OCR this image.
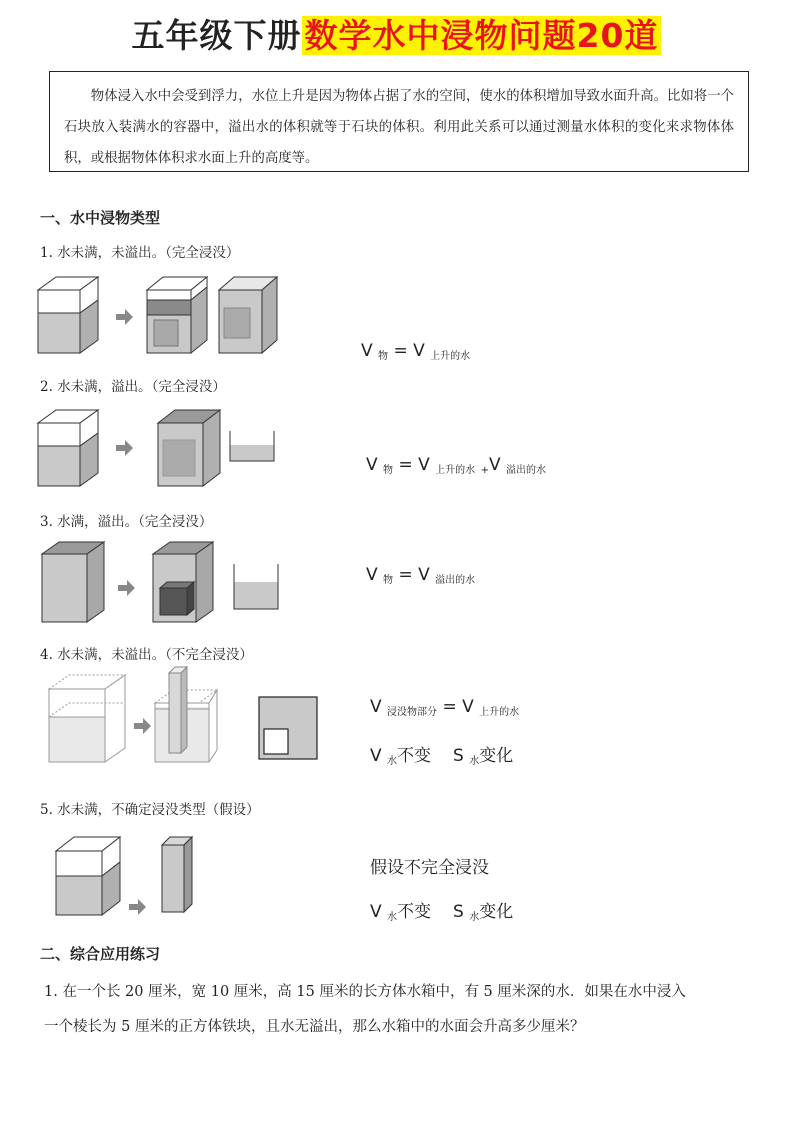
五年级下册数学水中浸物问题20道

物体浸入水中会受到浮力，水位上升是因为物体占据了水的空间，使水的体积增加导致水面升高。比如将一个石块放入装满水的容器中，溢出水的体积就等于石块的体积。利用此关系可以通过测量水体积的变化来求物体体积，或根据物体体积求水面上升的高度等。

一、水中浸物类型
1. 水未满，未溢出。（完全浸没）
V $_物$ = V $_{上升的水}$
2. 水未满，溢出。（完全浸没）
V $_物$ = V $_{上升的水}$ $_+$V $_{溢出的水}$
3. 水满，溢出。（完全浸没）
V $_物$ = V $_{溢出的水}$
4. 水未满，未溢出。（不完全浸没）
V $_{浸没物部分}$ = V $_{上升的水}$
V $_水$不变 S $_水$变化
5. 水未满，不确定浸没类型（假设）
假设不完全浸没
V $_水$不变 S $_水$变化
二、综合应用练习
1. 在一个长 20 厘米，宽 10 厘米，高 15 厘米的长方体水箱中，有 5 厘米深的水．如果在水中浸入
一个棱长为 5 厘米的正方体铁块，且水无溢出，那么水箱中的水面会升高多少厘米？
